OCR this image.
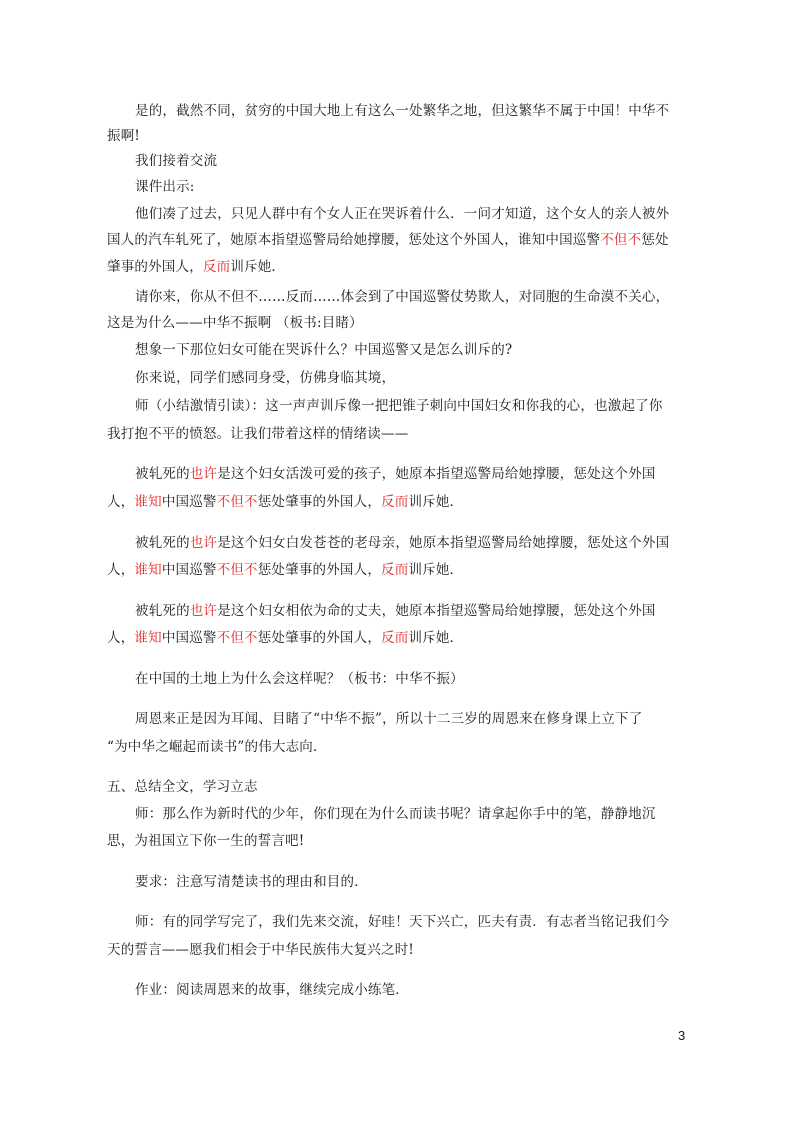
是的，截然不同，贫穷的中国大地上有这么一处繁华之地，但这繁华不属于中国！中华不
振啊!
我们接着交流
课件出示:
他们凑了过去，只见人群中有个女人正在哭诉着什么．一问才知道，这个女人的亲人被外
国人的汽车轧死了，她原本指望巡警局给她撑腰，惩处这个外国人，谁知中国巡警不但不惩处
肇事的外国人，反而训斥她．
请你来，你从不但不……反而……体会到了中国巡警仗势欺人，对同胞的生命漠不关心，
这是为什么——中华不振啊 （板书:目睹）
想象一下那位妇女可能在哭诉什么？中国巡警又是怎么训斥的?
你来说，同学们感同身受，仿佛身临其境，
师（小结激情引读）：这一声声训斥像一把把锥子刺向中国妇女和你我的心，也激起了你
我打抱不平的愤怒。让我们带着这样的情绪读——
被轧死的也许是这个妇女活泼可爱的孩子，她原本指望巡警局给她撑腰，惩处这个外国
人，谁知中国巡警不但不惩处肇事的外国人，反而训斥她．
被轧死的也许是这个妇女白发苍苍的老母亲，她原本指望巡警局给她撑腰，惩处这个外国
人，谁知中国巡警不但不惩处肇事的外国人，反而训斥她．
被轧死的也许是这个妇女相依为命的丈夫，她原本指望巡警局给她撑腰，惩处这个外国
人，谁知中国巡警不但不惩处肇事的外国人，反而训斥她．
在中国的土地上为什么会这样呢？（板书：中华不振）
周恩来正是因为耳闻、目睹了“中华不振”，所以十二三岁的周恩来在修身课上立下了
“为中华之崛起而读书”的伟大志向．
五、总结全文，学习立志
师：那么作为新时代的少年，你们现在为什么而读书呢？请拿起你手中的笔，静静地沉
思，为祖国立下你一生的誓言吧!
要求：注意写清楚读书的理由和目的．
师：有的同学写完了，我们先来交流，好哇！天下兴亡，匹夫有责．有志者当铭记我们今
天的誓言——愿我们相会于中华民族伟大复兴之时!
作业：阅读周恩来的故事，继续完成小练笔．
3
